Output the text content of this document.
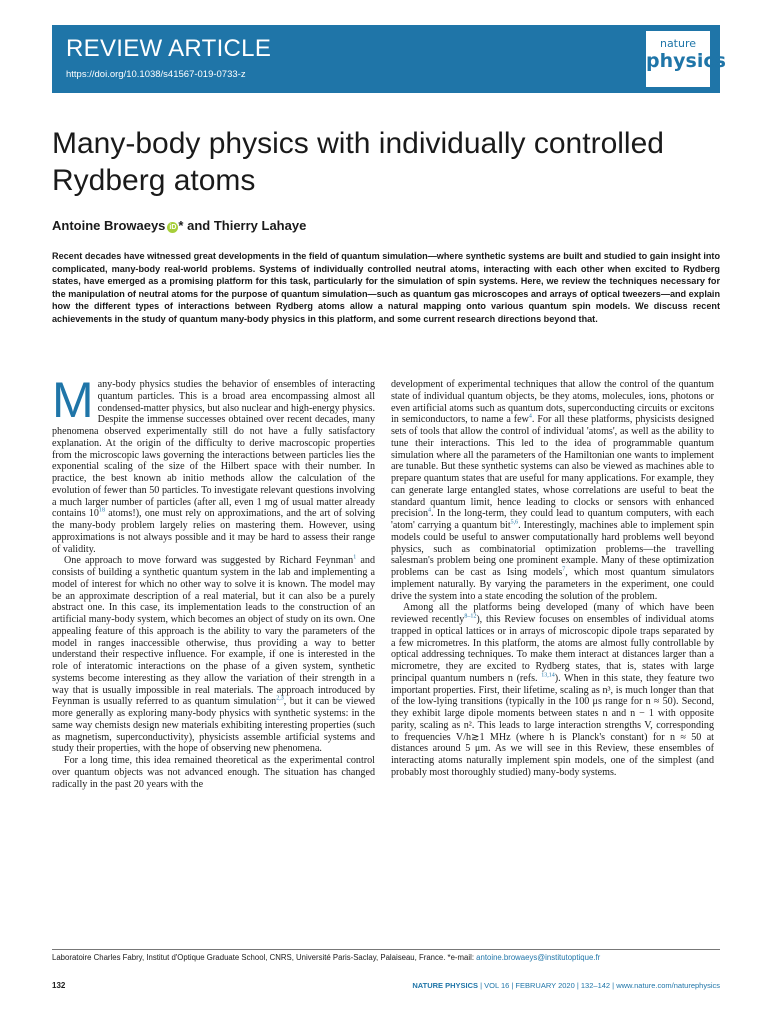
REVIEW ARTICLE
https://doi.org/10.1038/s41567-019-0733-z
nature
physics
Many-body physics with individually controlled Rydberg atoms
Antoine Browaeys iD * and Thierry Lahaye

Recent decades have witnessed great developments in the field of quantum simulation—where synthetic systems are built and studied to gain insight into complicated, many-body real-world problems. Systems of individually controlled neutral atoms, interacting with each other when excited to Rydberg states, have emerged as a promising platform for this task, particularly for the simulation of spin systems. Here, we review the techniques necessary for the manipulation of neutral atoms for the purpose of quantum simulation—such as quantum gas microscopes and arrays of optical tweezers—and explain how the different types of interactions between Rydberg atoms allow a natural mapping onto various quantum spin models. We discuss recent achievements in the study of quantum many-body physics in this platform, and some current research directions beyond that.

Many-body physics studies the behavior of ensembles of interacting quantum particles. This is a broad area encompassing almost all condensed-matter physics, but also nuclear and high-energy physics. Despite the immense successes obtained over recent decades, many phenomena observed experimentally still do not have a fully satisfactory explanation. At the origin of the difficulty to derive macroscopic properties from the microscopic laws governing the interactions between particles lies the exponential scaling of the size of the Hilbert space with their number. In practice, the best known ab initio methods allow the calculation of the evolution of fewer than 50 particles. To investigate relevant questions involving a much larger number of particles (after all, even 1 mg of usual matter already contains $10^{18}$ atoms!), one must rely on approximations, and the art of solving the many-body problem largely relies on mastering them. However, using approximations is not always possible and it may be hard to assess their range of validity.

One approach to move forward was suggested by Richard Feynman$^1$ and consists of building a synthetic quantum system in the lab and implementing a model of interest for which no other way to solve it is known. The model may be an approximate description of a real material, but it can also be a purely abstract one. In this case, its implementation leads to the construction of an artificial many-body system, which becomes an object of study on its own. One appealing feature of this approach is the ability to vary the parameters of the model in ranges inaccessible otherwise, thus providing a way to better understand their respective influence. For example, if one is interested in the role of interatomic interactions on the phase of a given system, synthetic systems become interesting as they allow the variation of their strength in a way that is usually impossible in real materials. The approach introduced by Feynman is usually referred to as quantum simulation$^{2,3}$, but it can be viewed more generally as exploring many-body physics with synthetic systems: in the same way chemists design new materials exhibiting interesting properties (such as magnetism, superconductivity), physicists assemble artificial systems and study their properties, with the hope of observing new phenomena.

For a long time, this idea remained theoretical as the experimental control over quantum objects was not advanced enough. The situation has changed radically in the past 20 years with the

development of experimental techniques that allow the control of the quantum state of individual quantum objects, be they atoms, molecules, ions, photons or even artificial atoms such as quantum dots, superconducting circuits or excitons in semiconductors, to name a few$^4$. For all these platforms, physicists designed sets of tools that allow the control of individual 'atoms', as well as the ability to tune their interactions. This led to the idea of programmable quantum simulation where all the parameters of the Hamiltonian one wants to implement are tunable. But these synthetic systems can also be viewed as machines able to prepare quantum states that are useful for many applications. For example, they can generate large entangled states, whose correlations are useful to beat the standard quantum limit, hence leading to clocks or sensors with enhanced precision$^4$. In the long-term, they could lead to quantum computers, with each 'atom' carrying a quantum bit$^{5,6}$. Interestingly, machines able to implement spin models could be useful to answer computationally hard problems well beyond physics, such as combinatorial optimization problems—the travelling salesman's problem being one prominent example. Many of these optimization problems can be cast as Ising models$^7$, which most quantum simulators implement naturally. By varying the parameters in the experiment, one could drive the system into a state encoding the solution of the problem.

Among all the platforms being developed (many of which have been reviewed recently$^{8-12}$), this Review focuses on ensembles of individual atoms trapped in optical lattices or in arrays of microscopic dipole traps separated by a few micrometres. In this platform, the atoms are almost fully controllable by optical addressing techniques. To make them interact at distances larger than a micrometre, they are excited to Rydberg states, that is, states with large principal quantum numbers n (refs. $^{13,14}$). When in this state, they feature two important properties. First, their lifetime, scaling as n³, is much longer than that of the low-lying transitions (typically in the 100 μs range for n ≈ 50). Second, they exhibit large dipole moments between states n and n − 1 with opposite parity, scaling as n². This leads to large interaction strengths V, corresponding to frequencies V/h≳1 MHz (where h is Planck's constant) for n ≈ 50 at distances around 5 μm. As we will see in this Review, these ensembles of interacting atoms naturally implement spin models, one of the simplest (and probably most thoroughly studied) many-body systems.

Laboratoire Charles Fabry, Institut d'Optique Graduate School, CNRS, Université Paris-Saclay, Palaiseau, France. *e-mail: antoine.browaeys@institutoptique.fr
132	NATURE PHYSICS | VOL 16 | FEBRUARY 2020 | 132–142 | www.nature.com/naturephysics
